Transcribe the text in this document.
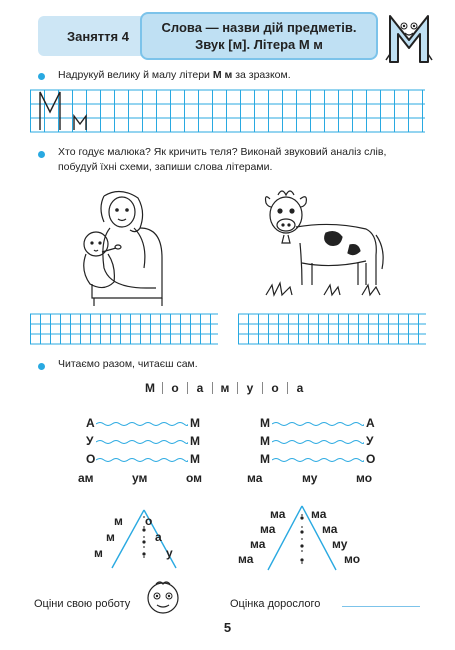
Заняття 4
Слова — назви дій предметів.
Звук [м]. Літера М м
Надрукуй велику й малу літери М м за зразком.
Хто годує малюка? Як кричить теля? Виконай звуковий аналіз слів,
побудуй їхні схеми, запиши слова літерами.
Читаємо разом, читаєш сам.
М	о	а	м	у	о	а
А	М
У	М
О	М
ам	ум	ом
М	А
М	У
М	О
ма	му	мо
м о
м	а
м	у
ма ма
ма	ма
ма	му
ма	мо
Оціни свою роботу	Оцінка дорослого
5
